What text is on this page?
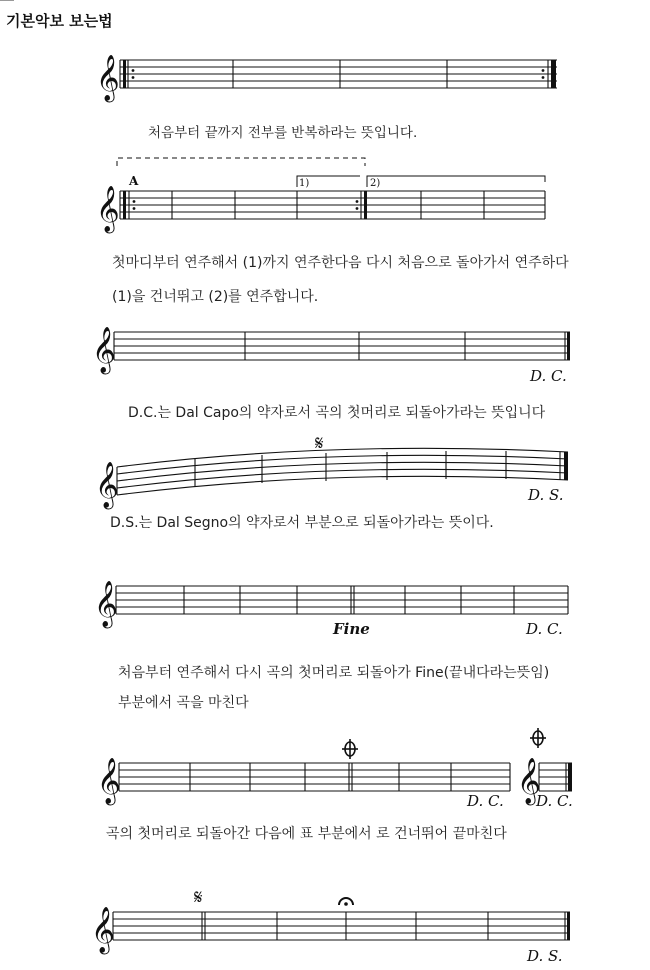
기본악보 보는법
𝄞
처음부터 끝까지 전부를 반복하라는 뜻입니다.
𝄞
A	1)	2)
첫마디부터 연주해서 (1)까지 연주한다음 다시 처음으로 돌아가서 연주하다
(1)을 건너뛰고 (2)를 연주합니다.
𝄞
D. C.
D.C.는 Dal Capo의 약자로서 곡의 첫머리로 되돌아가라는 뜻입니다
𝄞
𝄋
D. S.
D.S.는 Dal Segno의 약자로서 부분으로 되돌아가라는 뜻이다.
𝄞
Fine	D. C.
처음부터 연주해서 다시 곡의 첫머리로 되돌아가 Fine(끝내다라는뜻임)
부분에서 곡을 마친다
𝄞	𝄞
D. C. D. C.
곡의 첫머리로 되돌아간 다음에 표 부분에서 로 건너뛰어 끝마친다
𝄞
𝄋
D. S.
